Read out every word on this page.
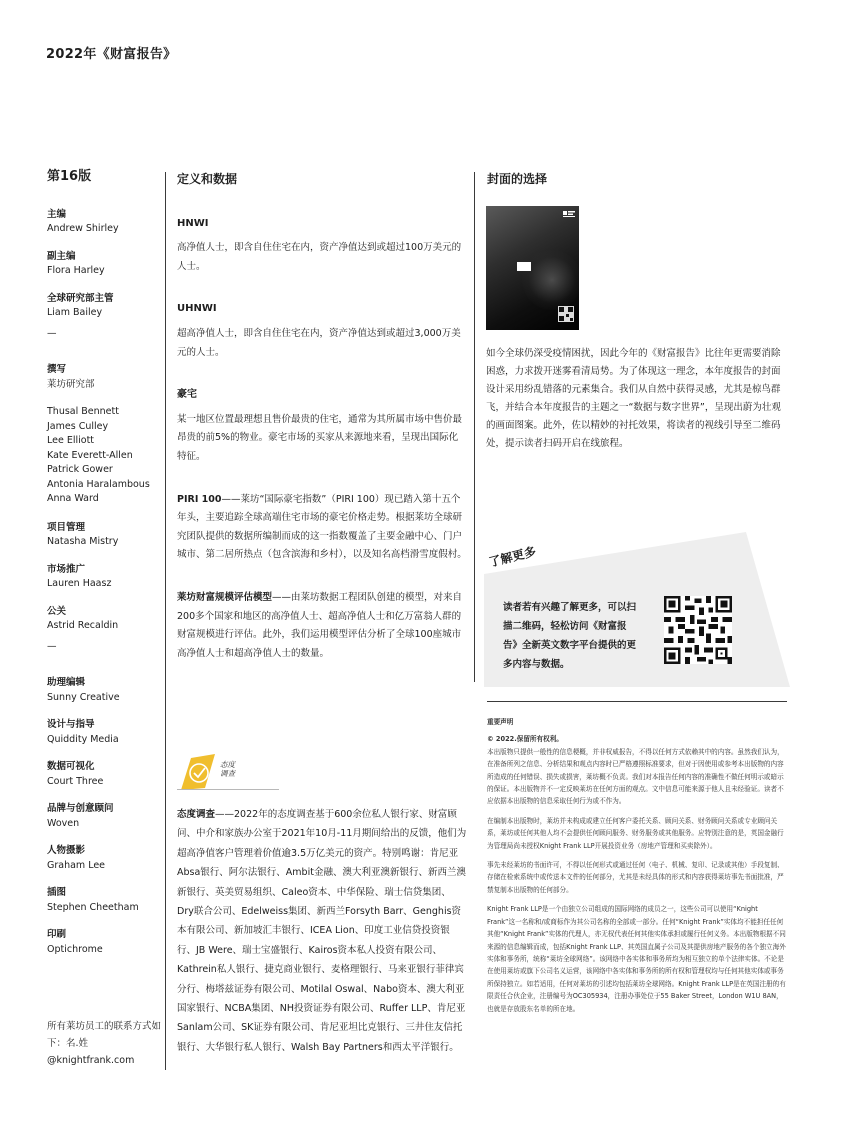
2022年《财富报告》
第16版
主编
Andrew Shirley
副主编
Flora Harley
全球研究部主管
Liam Bailey
—
撰写
莱坊研究部
Thusal Bennett
James Culley
Lee Elliott
Kate Everett-Allen
Patrick Gower
Antonia Haralambous
Anna Ward
项目管理
Natasha Mistry
市场推广
Lauren Haasz
公关
Astrid Recaldin
—
助理编辑
Sunny Creative
设计与指导
Quiddity Media
数据可视化
Court Three
品牌与创意顾问
Woven
人物摄影
Graham Lee
插图
Stephen Cheetham
印刷
Optichrome
所有莱坊员工的联系方式如下：名.姓@knightfrank.com
定义和数据
HNWI
高净值人士，即含自住住宅在内，资产净值达到或超过100万美元的人士。
UHNWI
超高净值人士，即含自住住宅在内，资产净值达到或超过3,000万美元的人士。
豪宅
某一地区位置最理想且售价最贵的住宅，通常为其所属市场中售价最昂贵的前5%的物业。豪宅市场的买家从来源地来看，呈现出国际化特征。
PIRI 100——莱坊“国际豪宅指数”（PIRI 100）现已踏入第十五个年头，主要追踪全球高端住宅市场的豪宅价格走势。根据莱坊全球研究团队提供的数据所编制而成的这一指数覆盖了主要金融中心、门户城市、第二居所热点（包含滨海和乡村），以及知名高档滑雪度假村。
莱坊财富规模评估模型——由莱坊数据工程团队创建的模型，对来自200多个国家和地区的高净值人士、超高净值人士和亿万富翁人群的财富规模进行评估。此外，我们运用模型评估分析了全球100座城市高净值人士和超高净值人士的数量。
态度 调查
态度调查——2022年的态度调查基于600余位私人银行家、财富顾问、中介和家族办公室于2021年10月-11月期间给出的反馈，他们为超高净值客户管理着价值逾3.5万亿美元的资产。特别鸣谢：肯尼亚Absa银行、阿尔法银行、Ambit金融、澳大利亚澳新银行、新西兰澳新银行、英美贸易组织、Caleo资本、中华保险、瑞士信贷集团、Dry联合公司、Edelweiss集团、新西兰Forsyth Barr、Genghis资本有限公司、新加坡汇丰银行、ICEA Lion、印度工业信贷投资银行、JB Were、瑞士宝盛银行、Kairos资本私人投资有限公司、Kathrein私人银行、捷克商业银行、麦格理银行、马来亚银行菲律宾分行、梅塔兹证券有限公司、Motilal Oswal、Nabo资本、澳大利亚国家银行、NCBA集团、NH投资证券有限公司、Ruffer LLP、肯尼亚Sanlam公司、SK证券有限公司、肯尼亚坦比克银行、三井住友信托银行、大华银行私人银行、Walsh Bay Partners和西太平洋银行。
封面的选择
如今全球仍深受疫情困扰，因此今年的《财富报告》比往年更需要消除困惑，力求拨开迷雾看清局势。为了体现这一理念，本年度报告的封面设计采用纷乱错落的元素集合。我们从自然中获得灵感，尤其是椋鸟群飞，并结合本年度报告的主题之一“数据与数字世界”，呈现出蔚为壮观的画面图案。此外，佐以精妙的衬托效果，将读者的视线引导至二维码处，提示读者扫码开启在线旅程。
了解更多
读者若有兴趣了解更多，可以扫描二维码，轻松访问《财富报告》全新英文数字平台提供的更多内容与数据。
重要声明
© 2022.保留所有权利。

本出版物只提供一般性的信息梗概，并非权威报告，不得以任何方式依赖其中的内容。虽然我们认为，在准备所列之信息、分析结果和观点内容时已严格遵照标准要求，但对于因使用或参考本出版物的内容所造成的任何错误、损失或损害，莱坊概不负责。我们对本报告任何内容的准确性不做任何明示或暗示的保证。本出版物并不一定反映莱坊在任何方面的观点。文中信息可能来源于他人且未经验证。读者不应依据本出版物的信息采取任何行为或不作为。

在编制本出版物时，莱坊并未构成或建立任何客户委托关系、顾问关系、财务顾问关系或专业顾问关系，莱坊或任何其他人均不会提供任何顾问服务、财务服务或其他服务。应特别注意的是，英国金融行为管理局尚未授权Knight Frank LLP开展投资业务（房地产管理和买卖除外）。

事先未经莱坊的书面许可，不得以任何形式或通过任何（电子、机械、复印、记录或其他）手段复制、存储在检索系统中或传送本文件的任何部分，尤其是未经具体的形式和内容获得莱坊事先书面批准，严禁复制本出版物的任何部分。

Knight Frank LLP是一个由独立公司组成的国际网络的成员之一，这些公司可以使用“Knight Frank”这一名称和/或商标作为其公司名称的全部或一部分。任何“Knight Frank”实体均不能担任任何其他“Knight Frank”实体的代理人，亦无权代表任何其他实体承担或履行任何义务。本出版物根据不同来源的信息编辑而成，包括Knight Frank LLP、其英国直属子公司及其提供房地产服务的各个独立海外实体和事务所，统称“莱坊全球网络”。该网络中各实体和事务所均为相互独立的单个法律实体。不论是在使用莱坊或旗下公司名义运营，该网络中各实体和事务所的所有权和管理权均与任何其他实体或事务所保持独立。如若适用，任何对莱坊的引述均包括莱坊全球网络。Knight Frank LLP是在英国注册的有限责任合伙企业，注册编号为OC305934，注册办事处位于55 Baker Street，London W1U 8AN，也就是存放股东名单的所在地。
